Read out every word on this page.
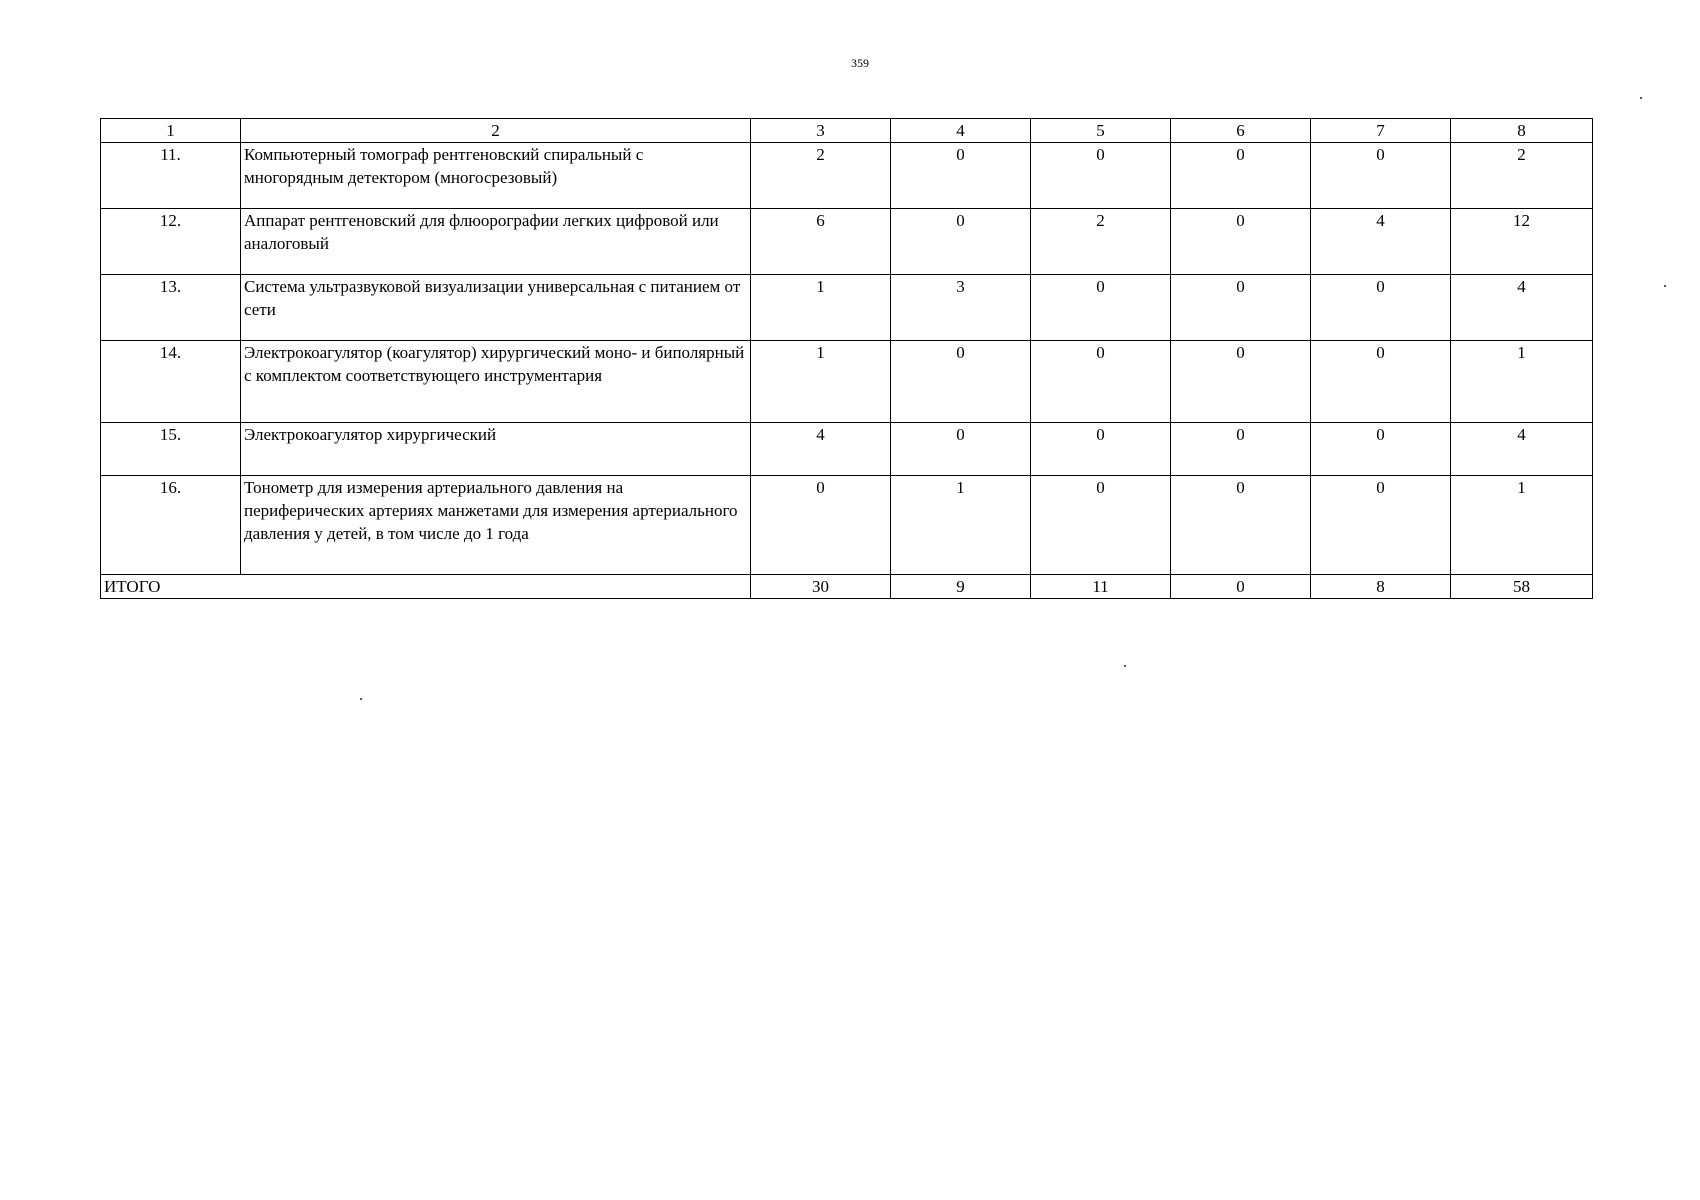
359
1	2	3	4	5	6	7	8
11.	Компьютерный томограф рентгеновский спиральный с многорядным детектором (многосрезовый)	2	0	0	0	0	2
12.	Аппарат рентгеновский для флюорографии легких цифровой или аналоговый	6	0	2	0	4	12
13.	Система ультразвуковой визуализации универсальная с питанием от сети	1	3	0	0	0	4
14.	Электрокоагулятор (коагулятор) хирургический моно- и биполярный с комплектом соответствующего инструментария	1	0	0	0	0	1
15.	Электрокоагулятор хирургический	4	0	0	0	0	4
16.	Тонометр для измерения артериального давления на периферических артериях манжетами для измерения артериального давления у детей, в том числе до 1 года	0	1	0	0	0	1
ИТОГО		30	9	11	0	8	58
